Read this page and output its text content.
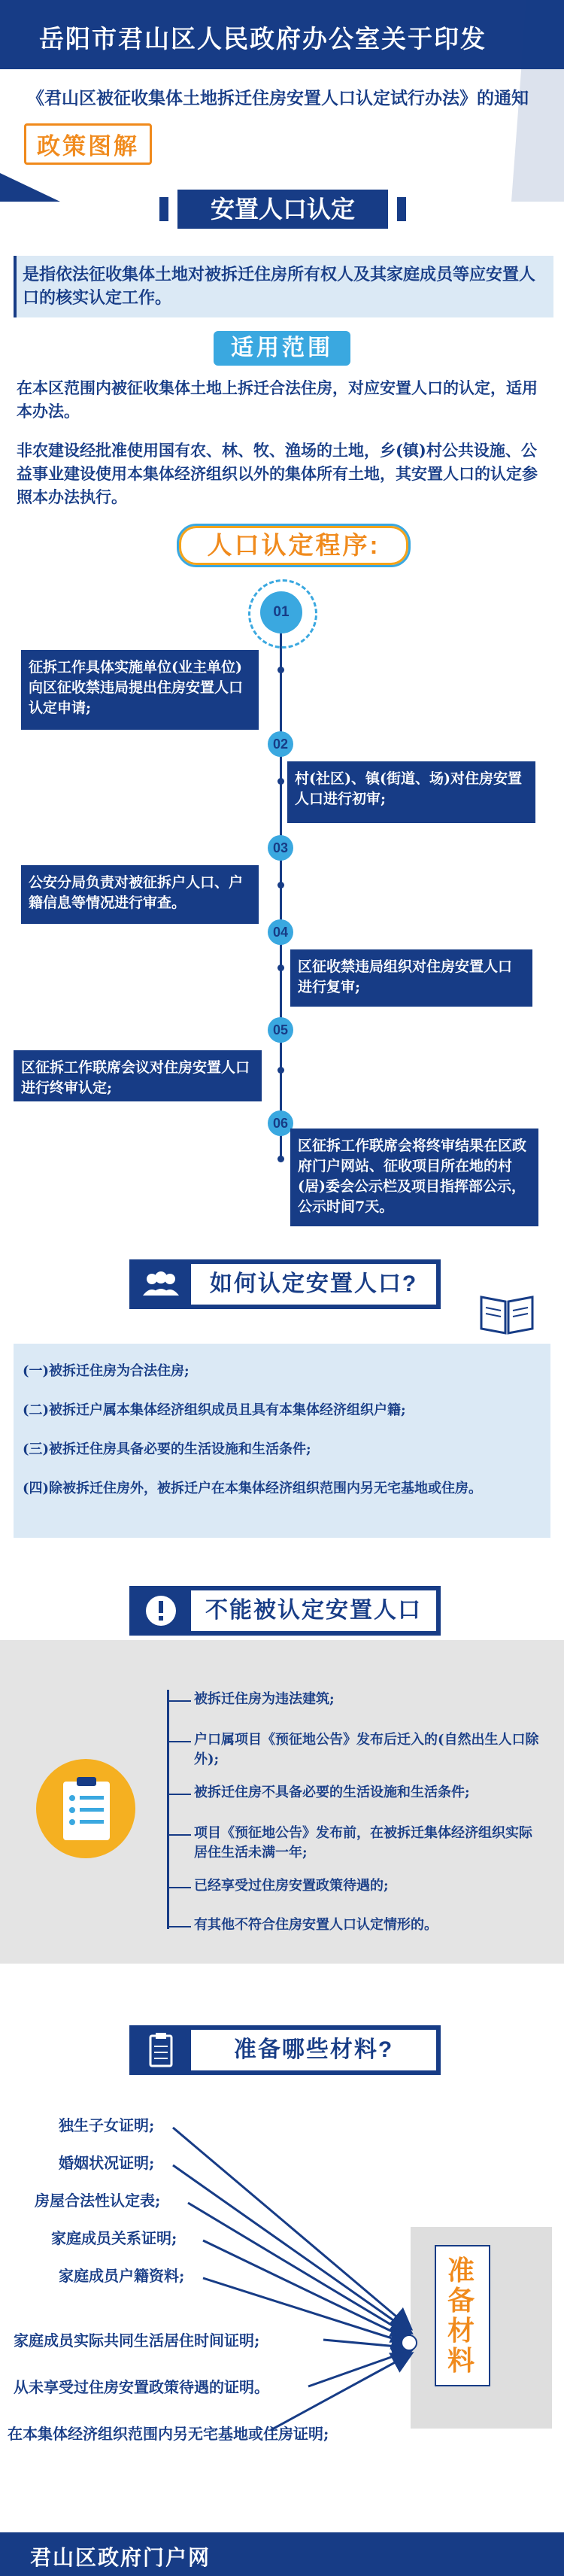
岳阳市君山区人民政府办公室关于印发
《君山区被征收集体土地拆迁住房安置人口认定试行办法》的通知
政策图解
安置人口认定
是指依法征收集体土地对被拆迁住房所有权人及其家庭成员等应安置人口的核实认定工作。
适用范围
在本区范围内被征收集体土地上拆迁合法住房，对应安置人口的认定，适用本办法。
非农建设经批准使用国有农、林、牧、渔场的土地，乡(镇)村公共设施、公益事业建设使用本集体经济组织以外的集体所有土地，其安置人口的认定参照本办法执行。
人口认定程序:
01
征拆工作具体实施单位(业主单位)向区征收禁违局提出住房安置人口认定申请;
02
村(社区)、镇(街道、场)对住房安置人口进行初审;
03
公安分局负责对被征拆户人口、户籍信息等情况进行审查。
04
区征收禁违局组织对住房安置人口进行复审;
05
区征拆工作联席会议对住房安置人口进行终审认定;
06
区征拆工作联席会将终审结果在区政府门户网站、征收项目所在地的村(居)委会公示栏及项目指挥部公示，公示时间7天。
如何认定安置人口?
(一)被拆迁住房为合法住房;
(二)被拆迁户属本集体经济组织成员且具有本集体经济组织户籍;
(三)被拆迁住房具备必要的生活设施和生活条件;
(四)除被拆迁住房外，被拆迁户在本集体经济组织范围内另无宅基地或住房。
不能被认定安置人口
被拆迁住房为违法建筑;
户口属项目《预征地公告》发布后迁入的(自然出生人口除外);
被拆迁住房不具备必要的生活设施和生活条件;
项目《预征地公告》发布前，在被拆迁集体经济组织实际居住生活未满一年;
已经享受过住房安置政策待遇的;
有其他不符合住房安置人口认定情形的。
准备哪些材料?
准备材料
独生子女证明;
婚姻状况证明;
房屋合法性认定表;
家庭成员关系证明;
家庭成员户籍资料;
家庭成员实际共同生活居住时间证明;
从未享受过住房安置政策待遇的证明。
在本集体经济组织范围内另无宅基地或住房证明;
君山区政府门户网
